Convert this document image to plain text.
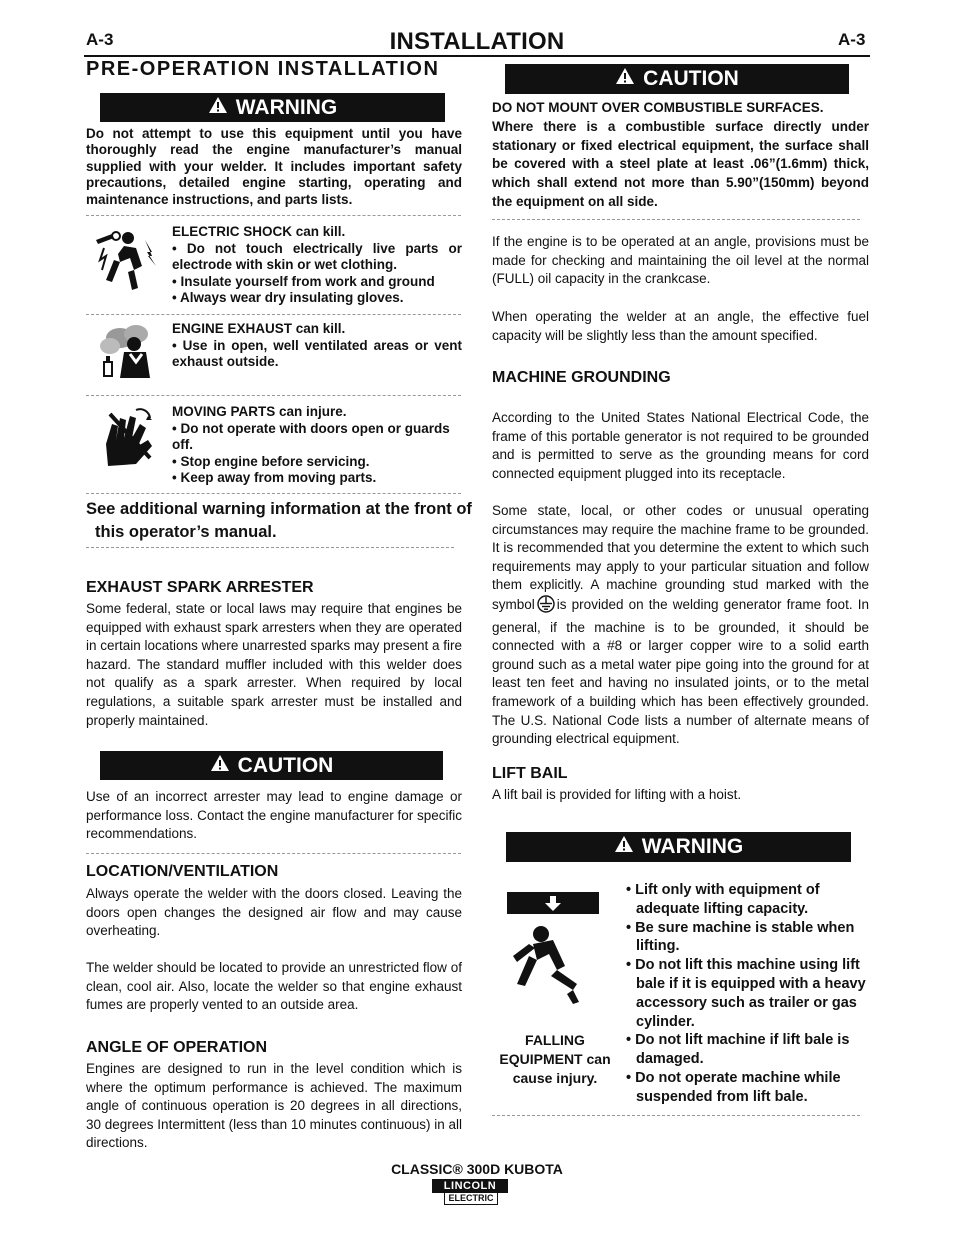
A-3	INSTALLATION	A-3
PRE-OPERATION INSTALLATION
WARNING
Do not attempt to use this equipment until you have thoroughly read the engine manufacturer’s manual supplied with your welder. It includes important safety precautions, detailed engine starting, operating and maintenance instructions, and parts lists.
ELECTRIC SHOCK can kill.
• Do not touch electrically live parts or electrode with skin or wet clothing.
• Insulate yourself from work and ground
• Always wear dry insulating gloves.
ENGINE EXHAUST can kill.
• Use in open, well ventilated areas or vent exhaust outside.
MOVING PARTS can injure.
• Do not operate with doors open or guards off.
• Stop engine before servicing.
• Keep away from moving parts.
See additional warning information at the front of this operator’s manual.
EXHAUST SPARK ARRESTER
Some federal, state or local laws may require that engines be equipped with exhaust spark arresters when they are operated in certain locations where unarrested sparks may present a fire hazard. The standard muffler included with this welder does not qualify as a spark arrester. When required by local regulations, a suitable spark arrester must be installed and properly maintained.
CAUTION
Use of an incorrect arrester may lead to engine damage or performance loss. Contact the engine manufacturer for specific recommendations.
LOCATION/VENTILATION
Always operate the welder with the doors closed. Leaving the doors open changes the designed air flow and may cause overheating.
The welder should be located to provide an unrestricted flow of clean, cool air. Also, locate the welder so that engine exhaust fumes are properly vented to an outside area.
ANGLE OF OPERATION
Engines are designed to run in the level condition which is where the optimum performance is achieved. The maximum angle of continuous operation is 20 degrees in all directions, 30 degrees Intermittent (less than 10 minutes continuous) in all directions.
CAUTION
DO NOT MOUNT OVER COMBUSTIBLE SURFACES.
Where there is a combustible surface directly under stationary or fixed electrical equipment, the surface shall be covered with a steel plate at least .06”(1.6mm) thick, which shall extend not more than 5.90”(150mm) beyond the equipment on all side.
If the engine is to be operated at an angle, provisions must be made for checking and maintaining the oil level at the normal (FULL) oil capacity in the crankcase.
When operating the welder at an angle, the effective fuel capacity will be slightly less than the amount specified.
MACHINE GROUNDING
According to the United States National Electrical Code, the frame of this portable generator is not required to be grounded and is permitted to serve as the grounding means for cord connected equipment plugged into its receptacle.
Some state, local, or other codes or unusual operating circumstances may require the machine frame to be grounded. It is recommended that you determine the extent to which such requirements may apply to your particular situation and follow them explicitly. A machine grounding stud marked with the symbol is provided on the welding generator frame foot. In general, if the machine is to be grounded, it should be connected with a #8 or larger copper wire to a solid earth ground such as a metal water pipe going into the ground for at least ten feet and having no insulated joints, or to the metal framework of a building which has been effectively grounded. The U.S. National Code lists a number of alternate means of grounding electrical equipment.
LIFT BAIL
A lift bail is provided for lifting with a hoist.
WARNING
FALLING EQUIPMENT can cause injury.
• Lift only with equipment of adequate lifting capacity.
• Be sure machine is stable when lifting.
• Do not lift this machine using lift bale if it is equipped with a heavy accessory such as trailer or gas cylinder.
• Do not lift machine if lift bale is damaged.
• Do not operate machine while suspended from lift bale.
CLASSIC® 300D KUBOTA
LINCOLN
ELECTRIC
